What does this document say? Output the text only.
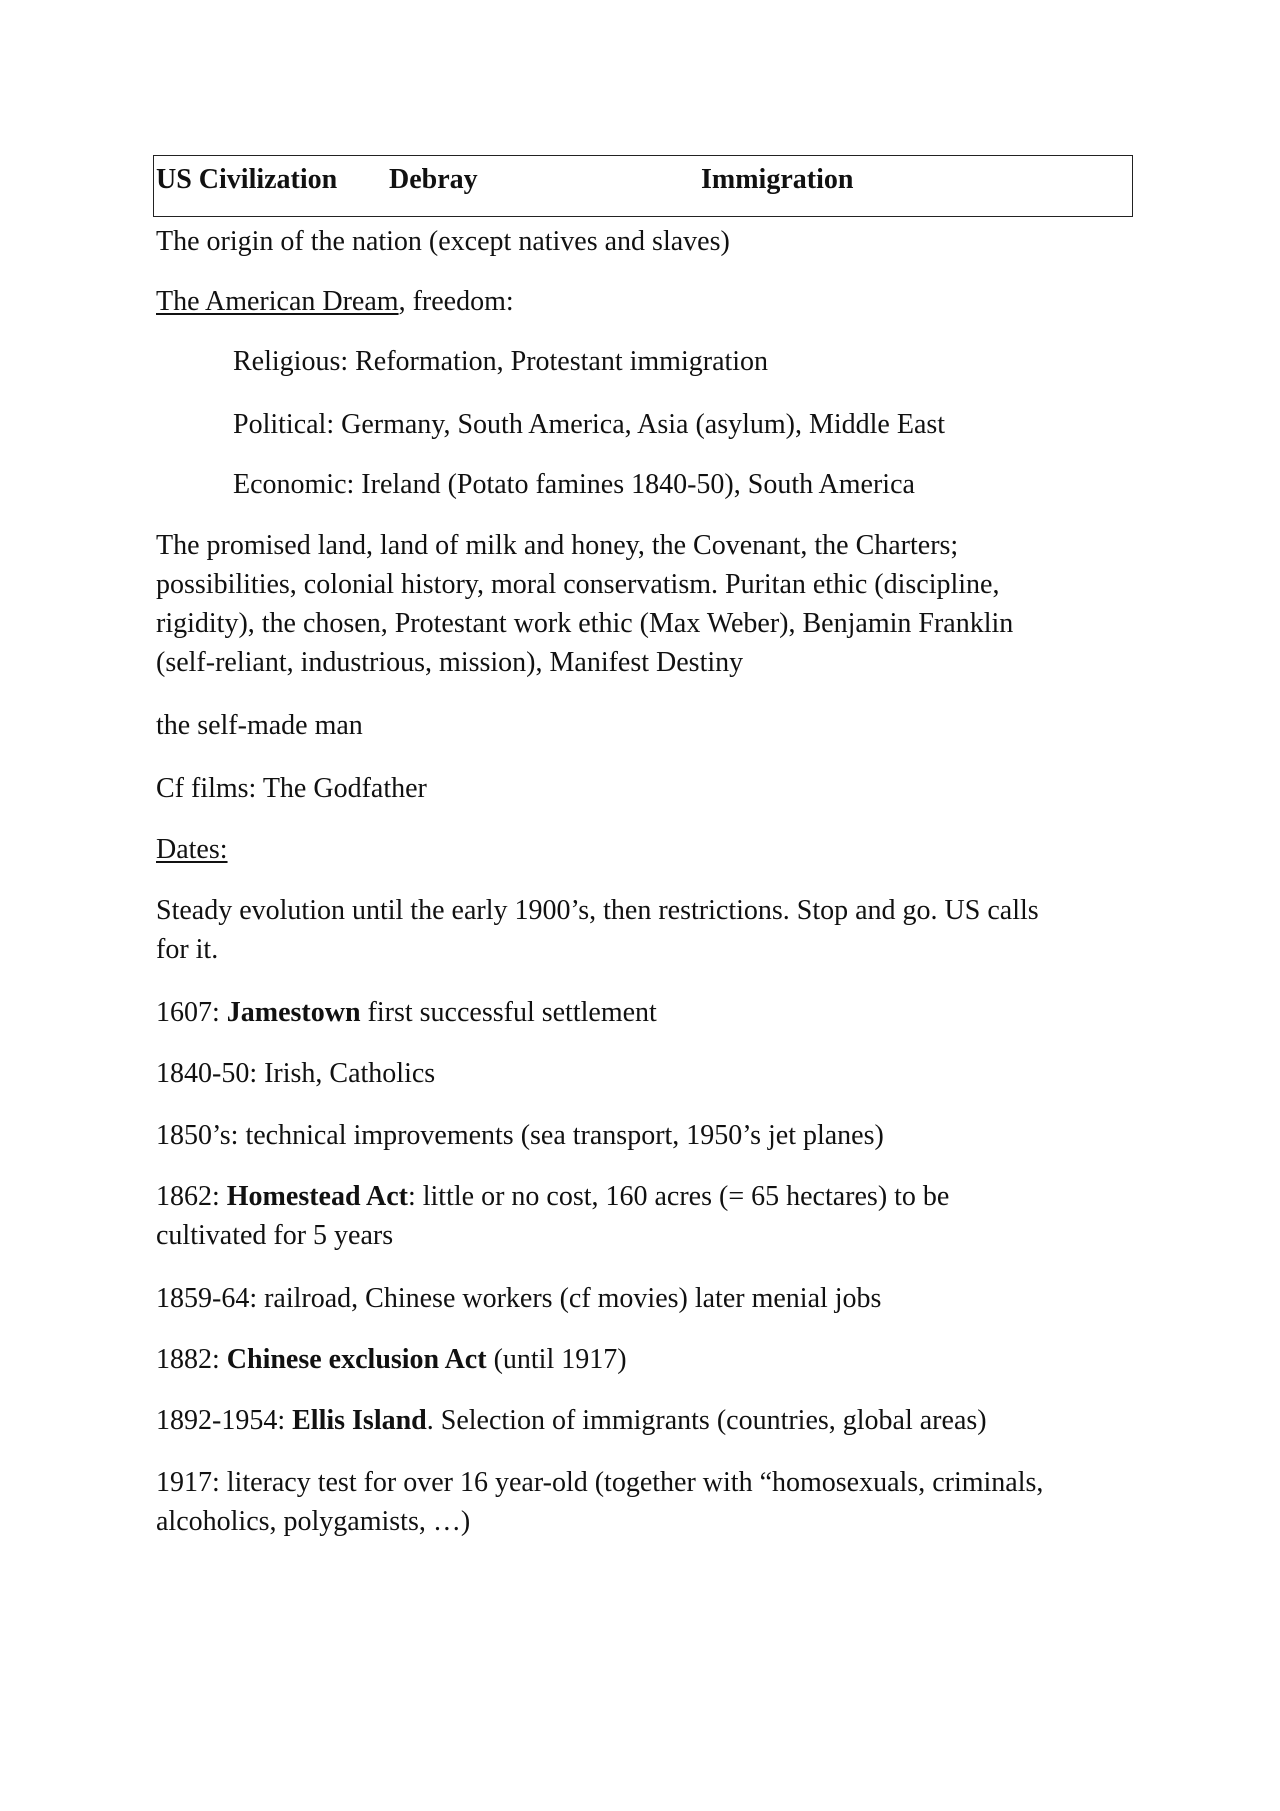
US Civilization Debray	Immigration
The origin of the nation (except natives and slaves)
The American Dream, freedom:
Religious: Reformation, Protestant immigration
Political: Germany, South America, Asia (asylum), Middle East
Economic: Ireland (Potato famines 1840-50), South America

The promised land, land of milk and honey, the Covenant, the Charters;

possibilities, colonial history, moral conservatism. Puritan ethic (discipline,

rigidity), the chosen, Protestant work ethic (Max Weber), Benjamin Franklin

(self-reliant, industrious, mission), Manifest Destiny

the self-made man
Cf films: The Godfather
Dates:

Steady evolution until the early 1900’s, then restrictions. Stop and go. US calls

for it.

1607: Jamestown first successful settlement
1840-50: Irish, Catholics
1850’s: technical improvements (sea transport, 1950’s jet planes)

1862: Homestead Act: little or no cost, 160 acres (= 65 hectares) to be

cultivated for 5 years

1859-64: railroad, Chinese workers (cf movies) later menial jobs
1882: Chinese exclusion Act (until 1917)
1892-1954: Ellis Island. Selection of immigrants (countries, global areas)

1917: literacy test for over 16 year-old (together with “homosexuals, criminals,

alcoholics, polygamists, …)
